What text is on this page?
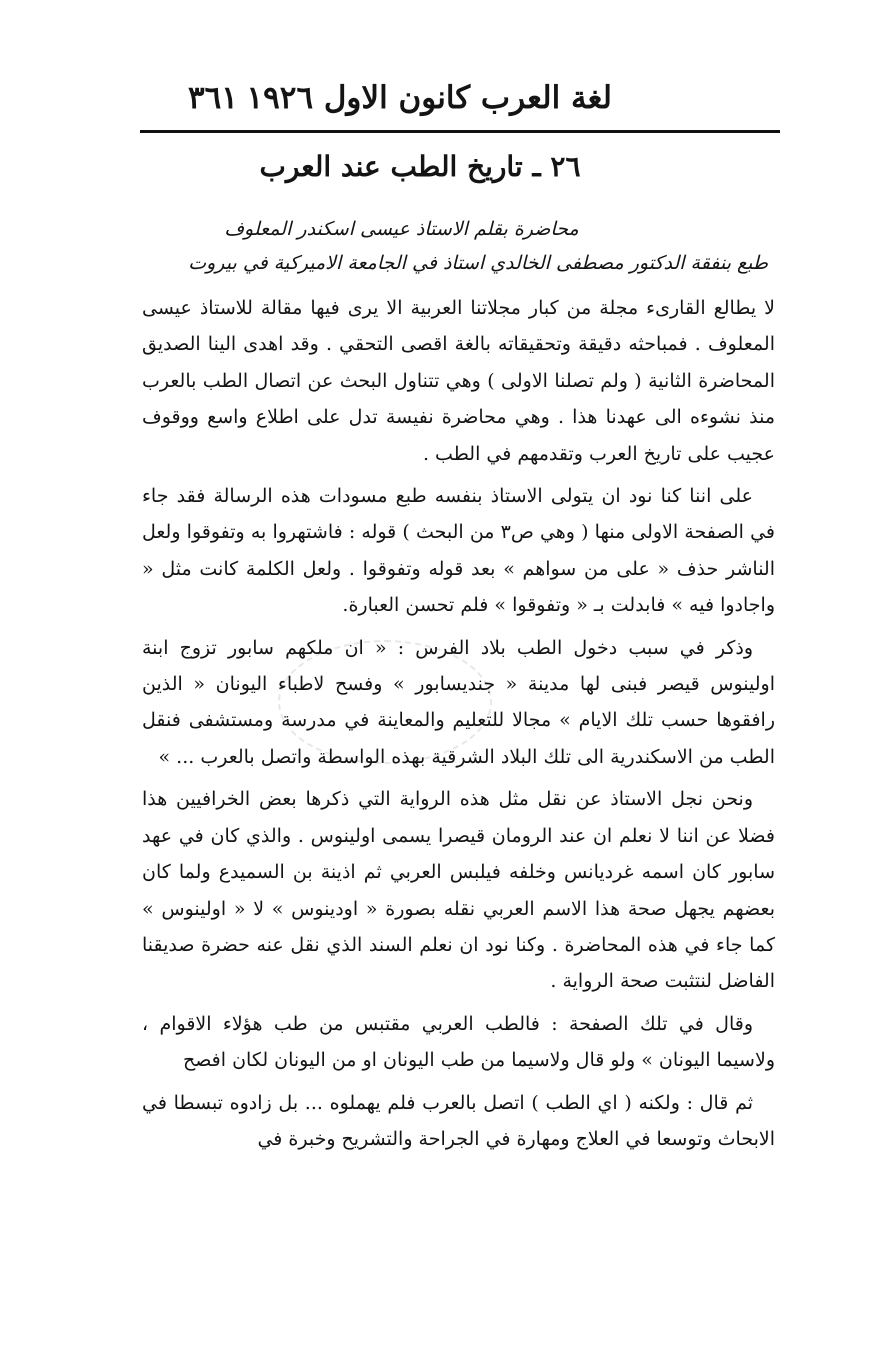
لغة العرب كانون الاول ١٩٢٦
٣٦١
٢٦ ـ تاريخ الطب عند العرب
محاضرة بقلم الاستاذ عيسى اسكندر المعلوف
طبع بنفقة الدكتور مصطفى الخالدي استاذ في الجامعة الاميركية في بيروت

لا يطالع القارىء مجلة من كبار مجلاتنا العربية الا يرى فيها مقالة للاستاذ عيسى المعلوف . فمباحثه دقيقة وتحقيقاته بالغة اقصى التحقي . وقد اهدى الينا الصديق المحاضرة الثانية ( ولم تصلنا الاولى ) وهي تتناول البحث عن اتصال الطب بالعرب منذ نشوءه الى عهدنا هذا . وهي محاضرة نفيسة تدل على اطلاع واسع ووقوف عجيب على تاريخ العرب وتقدمهم في الطب .

على اننا كنا نود ان يتولى الاستاذ بنفسه طبع مسودات هذه الرسالة فقد جاء في الصفحة الاولى منها ( وهي ص٣ من البحث ) قوله : فاشتهروا به وتفوقوا ولعل الناشر حذف « على من سواهم » بعد قوله وتفوقوا . ولعل الكلمة كانت مثل « واجادوا فيه » فابدلت بـ « وتفوقوا » فلم تحسن العبارة.

وذكر في سبب دخول الطب بلاد الفرس : « ان ملكهم سابور تزوج ابنة اولينوس قيصر فبنى لها مدينة « جنديسابور » وفسح لاطباء اليونان « الذين رافقوها حسب تلك الايام » مجالا للتعليم والمعاينة في مدرسة ومستشفى فنقل الطب من الاسكندرية الى تلك البلاد الشرقية بهذه الواسطة واتصل بالعرب ... »

ونحن نجل الاستاذ عن نقل مثل هذه الرواية التي ذكرها بعض الخرافيين هذا فضلا عن اننا لا نعلم ان عند الرومان قيصرا يسمى اولينوس . والذي كان في عهد سابور كان اسمه غرديانس وخلفه فيلبس العربي ثم اذينة بن السميدع ولما كان بعضهم يجهل صحة هذا الاسم العربي نقله بصورة « اودينوس » لا « اولينوس » كما جاء في هذه المحاضرة . وكنا نود ان نعلم السند الذي نقل عنه حضرة صديقنا الفاضل لنتثبت صحة الرواية .

وقال في تلك الصفحة : فالطب العربي مقتبس من طب هؤلاء الاقوام ، ولاسيما اليونان » ولو قال ولاسيما من طب اليونان او من اليونان لكان افصح

ثم قال : ولكنه ( اي الطب ) اتصل بالعرب فلم يهملوه ... بل زادوه تبسطا في الابحاث وتوسعا في العلاج ومهارة في الجراحة والتشريح وخبرة في
